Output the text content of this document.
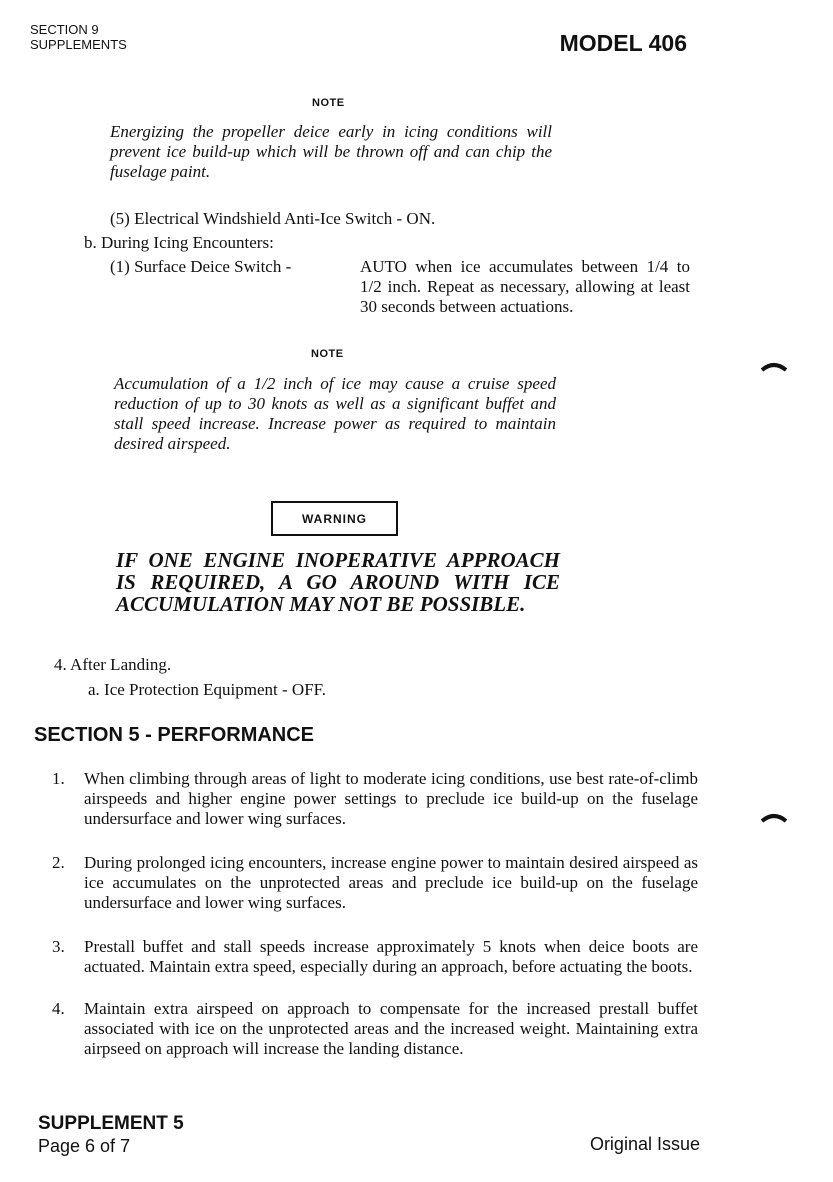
SECTION 9
SUPPLEMENTS	MODEL 406
NOTE
Energizing the propeller deice early in icing conditions will prevent ice build-up which will be thrown off and can chip the fuselage paint.
(5) Electrical Windshield Anti-Ice Switch - ON.
b. During Icing Encounters:
(1) Surface Deice Switch -	AUTO when ice accumulates between 1/4 to 1/2 inch. Repeat as necessary, allowing at least 30 seconds between actuations.
NOTE
Accumulation of a 1/2 inch of ice may cause a cruise speed reduction of up to 30 knots as well as a significant buffet and stall speed increase. Increase power as required to maintain desired airspeed.
WARNING
IF ONE ENGINE INOPERATIVE APPROACH IS REQUIRED, A GO AROUND WITH ICE ACCUMULATION MAY NOT BE POSSIBLE.
4. After Landing.
a. Ice Protection Equipment - OFF.
SECTION 5 - PERFORMANCE
1. When climbing through areas of light to moderate icing conditions, use best rate-of-climb airspeeds and higher engine power settings to preclude ice build-up on the fuselage undersurface and lower wing surfaces.
2. During prolonged icing encounters, increase engine power to maintain desired airspeed as ice accumulates on the unprotected areas and preclude ice build-up on the fuselage undersurface and lower wing surfaces.
3. Prestall buffet and stall speeds increase approximately 5 knots when deice boots are actuated. Maintain extra speed, especially during an approach, before actuating the boots.
4. Maintain extra airspeed on approach to compensate for the increased prestall buffet associated with ice on the unprotected areas and the increased weight. Maintaining extra airpseed on approach will increase the landing distance.
SUPPLEMENT 5
Page 6 of 7	Original Issue
